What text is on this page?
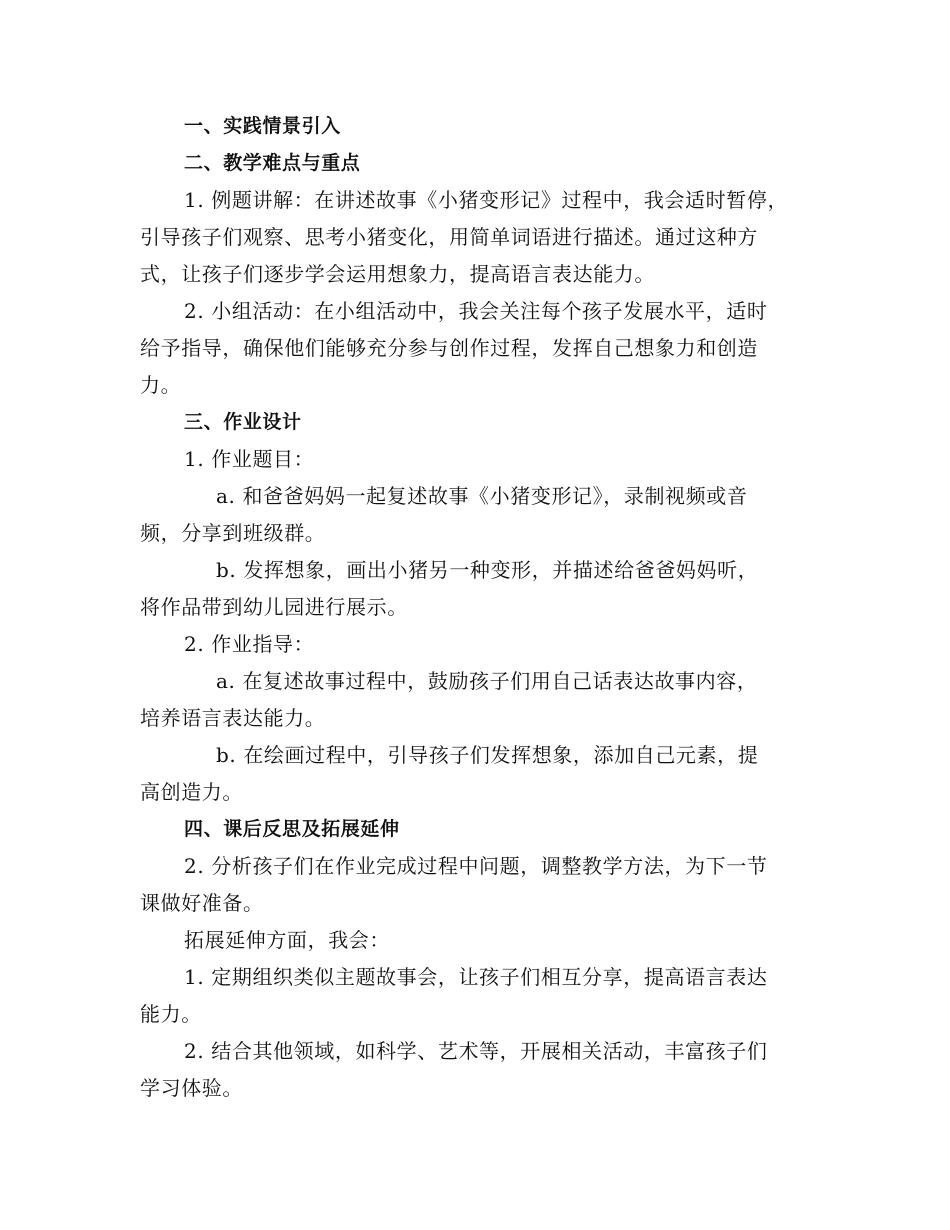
一、实践情景引入
二、教学难点与重点
1. 例题讲解：在讲述故事《小猪变形记》过程中，我会适时暂停，
引导孩子们观察、思考小猪变化，用简单词语进行描述。通过这种方
式，让孩子们逐步学会运用想象力，提高语言表达能力。
2. 小组活动：在小组活动中，我会关注每个孩子发展水平，适时
给予指导，确保他们能够充分参与创作过程，发挥自己想象力和创造
力。
三、作业设计
1. 作业题目：
a. 和爸爸妈妈一起复述故事《小猪变形记》，录制视频或音
频，分享到班级群。
b. 发挥想象，画出小猪另一种变形，并描述给爸爸妈妈听，
将作品带到幼儿园进行展示。
2. 作业指导：
a. 在复述故事过程中，鼓励孩子们用自己话表达故事内容，
培养语言表达能力。
b. 在绘画过程中，引导孩子们发挥想象，添加自己元素，提
高创造力。
四、课后反思及拓展延伸
2. 分析孩子们在作业完成过程中问题，调整教学方法，为下一节
课做好准备。
拓展延伸方面，我会：
1. 定期组织类似主题故事会，让孩子们相互分享，提高语言表达
能力。
2. 结合其他领域，如科学、艺术等，开展相关活动，丰富孩子们
学习体验。
